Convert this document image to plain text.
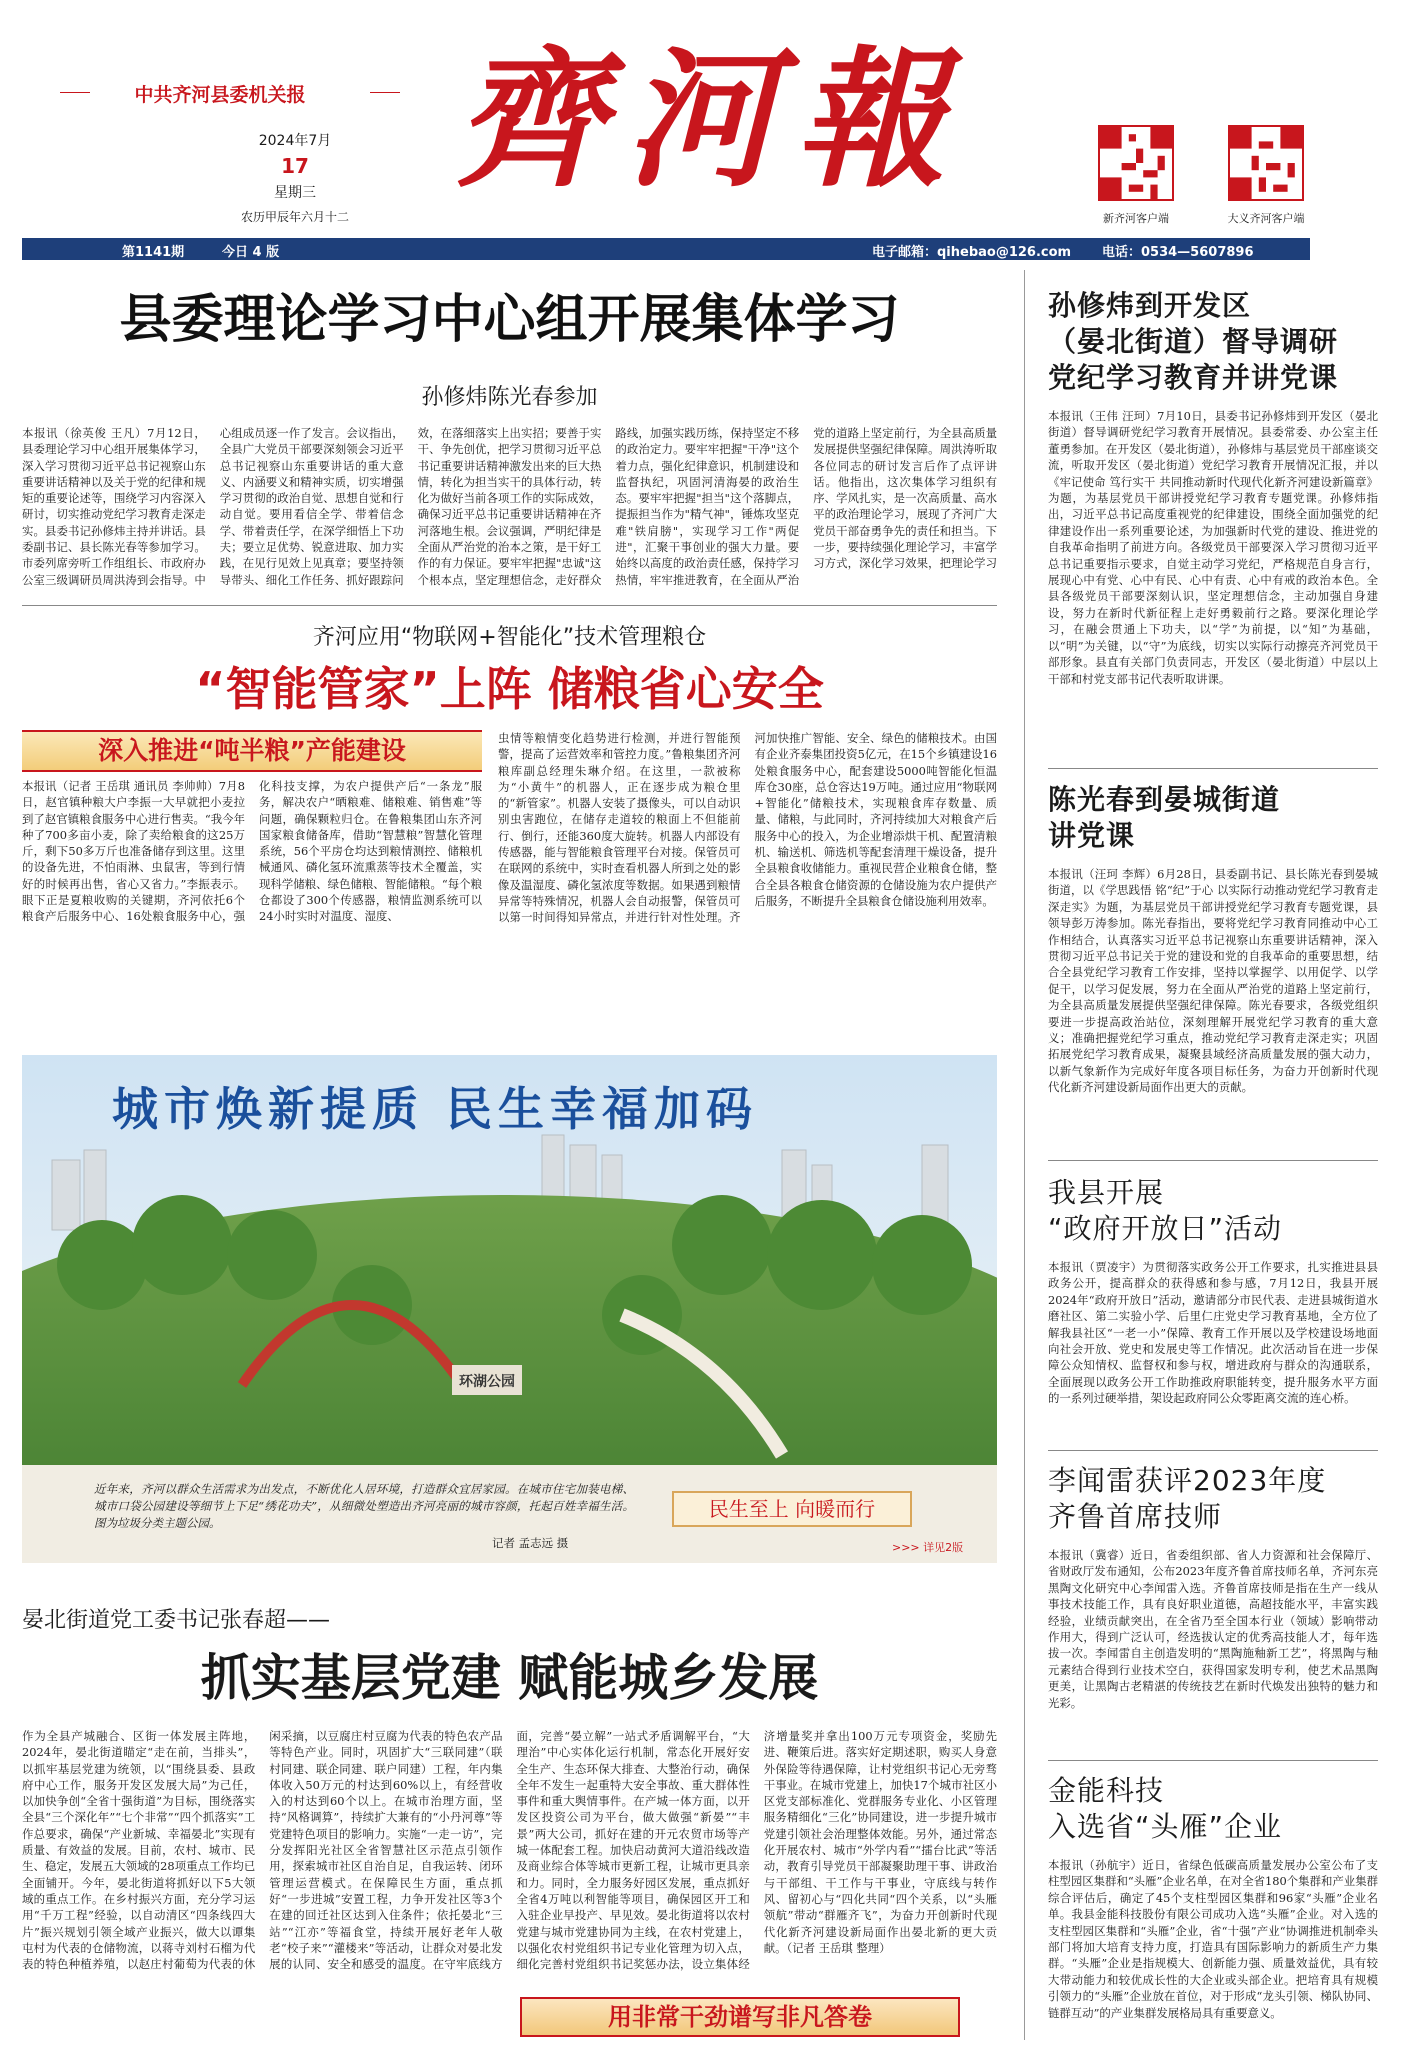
中共齐河县委机关报
2024年7月
17
星期三
农历甲辰年六月十二
齊河報
新齐河客户端	大义齐河客户端
第1141期	今日 4 版	电子邮箱：qihebao@126.com 电话：0534—5607896 2562832
县委理论学习中心组开展集体学习
孙修炜陈光春参加
本报讯（徐英俊 王凡）7月12日，县委理论学习中心组开展集体学习，深入学习贯彻习近平总书记视察山东重要讲话精神以及关于党的纪律和规矩的重要论述等，围绕学习内容深入研讨，切实推动党纪学习教育走深走实。县委书记孙修炜主持并讲话。县委副书记、县长陈光春等参加学习。市委列席旁听工作组组长、市政府办公室三级调研员周洪涛到会指导。中心组成员逐一作了发言。会议指出，全县广大党员干部要深刻领会习近平总书记视察山东重要讲话的重大意义、内涵要义和精神实质，切实增强学习贯彻的政治自觉、思想自觉和行动自觉。要用看信全学、带着信念学、带着责任学，在深学细悟上下功夫；要立足优势、锐意进取、加力实践，在见行见效上见真章；要坚持领导带头、细化工作任务、抓好跟踪问效，在落细落实上出实招；要善于实干、争先创优，把学习贯彻习近平总书记重要讲话精神激发出来的巨大热情，转化为担当实干的具体行动，转化为做好当前各项工作的实际成效，确保习近平总书记重要讲话精神在齐河落地生根。会议强调，严明纪律是全面从严治党的治本之策，是干好工作的有力保证。要牢牢把握"忠诚"这个根本点，坚定理想信念，走好群众路线，加强实践历练，保持坚定不移的政治定力。要牢牢把握"干净"这个着力点，强化纪律意识，机制建设和监督执纪，巩固河清海晏的政治生态。要牢牢把握"担当"这个落脚点，提振担当作为"精气神"，锤炼攻坚克难"铁肩膀"，实现学习工作"两促进"，汇聚干事创业的强大力量。要始终以高度的政治责任感，保持学习热情，牢牢推进教育，在全面从严治党的道路上坚定前行，为全县高质量发展提供坚强纪律保障。周洪涛听取各位同志的研讨发言后作了点评讲话。他指出，这次集体学习组织有序、学风扎实，是一次高质量、高水平的政治理论学习，展现了齐河广大党员干部奋勇争先的责任和担当。下一步，要持续强化理论学习，丰富学习方式，深化学习效果，把理论学习
齐河应用“物联网+智能化”技术管理粮仓
“智能管家”上阵 储粮省心安全
深入推进“吨半粮”产能建设
本报讯（记者 王岳琪 通讯员 李帅帅）7月8日，赵官镇种粮大户李振一大早就把小麦拉到了赵官镇粮食服务中心进行售卖。“我今年种了700多亩小麦，除了卖给粮食的这25万斤，剩下50多万斤也准备储存到这里。这里的设备先进，不怕雨淋、虫鼠害，等到行情好的时候再出售，省心又省力。”李振表示。眼下正是夏粮收购的关键期，齐河依托6个粮食产后服务中心、16处粮食服务中心，强化科技支撑，为农户提供产后“一条龙”服务，解决农户“晒粮难、储粮难、销售难”等问题，确保颗粒归仓。在鲁粮集团山东齐河国家粮食储备库，借助“智慧粮”智慧化管理系统，56个平房仓均达到粮情测控、储粮机械通风、磷化氢环流熏蒸等技术全覆盖，实现科学储粮、绿色储粮、智能储粮。“每个粮仓都设了300个传感器，粮情监测系统可以24小时实时对温度、湿度、
虫情等粮情变化趋势进行检测，并进行智能预警，提高了运营效率和管控力度。”鲁粮集团齐河粮库副总经理朱琳介绍。在这里，一款被称为“小黄牛”的机器人，正在逐步成为粮仓里的“新管家”。机器人安装了摄像头，可以自动识别虫害跑位，在储存走道较的粮面上不但能前行、倒行，还能360度大旋转。机器人内部设有传感器，能与智能粮食管理平台对接。保管员可在联网的系统中，实时查看机器人所到之处的影像及温湿度、磷化氢浓度等数据。如果遇到粮情异常等特殊情况，机器人会自动报警，保管员可以第一时间得知异常点，并进行针对性处理。齐河加快推广智能、安全、绿色的储粮技术。由国有企业齐泰集团投资5亿元，在15个乡镇建设16处粮食服务中心，配套建设5000吨智能化恒温库仓30座，总仓容达19万吨。通过应用“物联网+智能化”储粮技术，实现粮食库存数量、质量、储粮，与此同时，齐河持续加大对粮食产后服务中心的投入，为企业增添烘干机、配置清粮机、输送机、筛选机等配套清理干燥设备，提升全县粮食收储能力。重视民营企业粮食仓储，整合全县各粮食仓储资源的仓储设施为农户提供产后服务，不断提升全县粮食仓储设施利用效率。
环湖公园
城市焕新提质 民生幸福加码
近年来，齐河以群众生活需求为出发点，不断优化人居环境，打造群众宜居家园。在城市住宅加装电梯、城市口袋公园建设等细节上下足“绣花功夫”，从细微处塑造出齐河亮丽的城市容颜，托起百姓幸福生活。图为垃圾分类主题公园。
记者 孟志远 摄
民生至上 向暖而行
>>> 详见2版
晏北街道党工委书记张春超——
抓实基层党建 赋能城乡发展
作为全县产城融合、区街一体发展主阵地，2024年，晏北街道瞄定“走在前，当排头”，以抓牢基层党建为统领，以“围绕县委、县政府中心工作，服务开发区发展大局”为己任，以加快争创“全省十强街道”为目标，围绕落实全县“三个深化年”“七个非常”“四个抓落实”工作总要求，确保“产业新城、幸福晏北”实现有质量、有效益的发展。目前，农村、城市、民生、稳定，发展五大领域的28项重点工作均已全面铺开。今年，晏北街道将抓好以下5大领域的重点工作。在乡村振兴方面，充分学习运用“千万工程”经验，以自动清区“四条线四大片”振兴规划引领全域产业振兴，做大以谭集屯村为代表的仓储物流，以蒋寺刘村石榴为代表的特色种植养殖，以赵庄村葡萄为代表的休闲采摘，以豆腐庄村豆腐为代表的特色农产品等特色产业。同时，巩固扩大“三联同建”（联村同建、联企同建、联户同建）工程，年内集体收入50万元的村达到60%以上，有经营收入的村达到60个以上。在城市治理方面，坚持“风格调算”，持续扩大兼有的“小丹河尊”等党建特色项目的影响力。实施“一走一访”，完分发挥阳光社区全省智慧社区示范点引领作用，探索城市社区自治自足，自我运转、闭环管理运营模式。在保障民生方面，重点抓好“一步进城”安置工程，力争开发社区等3个在建的回迁社区达到入住条件；依托晏北“三站”“江亦”等福食堂，持续开展好老年人敬老“校子来”“灌楼来”等活动，让群众对晏北发展的认同、安全和感受的温度。在守牢底线方面，完善“晏立解”一站式矛盾调解平台，“大理治”中心实体化运行机制，常态化开展好安全生产、生态环保大排查、大整治行动，确保全年不发生一起重特大安全事故、重大群体性事件和重大舆情事件。在产城一体方面，以开发区投资公司为平台，做大做强“新晏”“丰景”两大公司，抓好在建的开元农贸市场等产城一体配套工程。加快启动黄河大道沿线改造及商业综合体等城市更新工程，让城市更具亲和力。同时，全力服务好园区发展，重点抓好全省4万吨以利智能等项目，确保园区开工和入驻企业早投产、早见效。晏北街道将以农村党建与城市党建协同为主线，在农村党建上，以强化农村党组织书记专业化管理为切入点，细化完善村党组织书记奖惩办法，设立集体经济增量奖并拿出100万元专项资金，奖励先进、鞭策后进。落实好定期述职，购买人身意外保险等待遇保障，让村党组织书记心无旁骛干事业。在城市党建上，加快17个城市社区小区党支部标准化、党群服务专业化、小区管理服务精细化“三化”协同建设，进一步提升城市党建引领社会治理整体效能。另外，通过常态化开展农村、城市“外学内看”“擂台比武”等活动，教育引导党员干部凝聚助理干事、讲政治与干部组、干工作与干事业，守底线与转作风、留初心与“四化共同“四个关系，以“头雁领航”带动“群雁齐飞”，为奋力开创新时代现代化新齐河建设新局面作出晏北新的更大贡献。（记者 王岳琪 整理）
用非常干劲谱写非凡答卷
孙修炜到开发区
（晏北街道）督导调研
党纪学习教育并讲党课
本报讯（王伟 汪珂）7月10日，县委书记孙修炜到开发区（晏北街道）督导调研党纪学习教育开展情况。县委常委、办公室主任董勇参加。在开发区（晏北街道），孙修炜与基层党员干部座谈交流，听取开发区（晏北街道）党纪学习教育开展情况汇报，并以《牢记使命 笃行实干 共同推动新时代现代化新齐河建设新篇章》为题，为基层党员干部讲授党纪学习教育专题党课。孙修炜指出，习近平总书记高度重视党的纪律建设，围绕全面加强党的纪律建设作出一系列重要论述，为加强新时代党的建设、推进党的自我革命指明了前进方向。各级党员干部要深入学习贯彻习近平总书记重要指示要求，自觉主动学习党纪，严格规范自身言行，展现心中有党、心中有民、心中有责、心中有戒的政治本色。全县各级党员干部要深刻认识，坚定理想信念，主动加强自身建设，努力在新时代新征程上走好勇毅前行之路。要深化理论学习，在融会贯通上下功夫，以“学”为前提，以“知”为基础，以“明”为关键，以“守”为底线，切实以实际行动擦亮齐河党员干部形象。县直有关部门负责同志，开发区（晏北街道）中层以上干部和村党支部书记代表听取讲课。
陈光春到晏城街道
讲党课
本报讯（汪珂 李辉）6月28日，县委副书记、县长陈光春到晏城街道，以《学思践悟 铭“纪”于心 以实际行动推动党纪学习教育走深走实》为题，为基层党员干部讲授党纪学习教育专题党课，县领导彭万涛参加。陈光春指出，要将党纪学习教育同推动中心工作相结合，认真落实习近平总书记视察山东重要讲话精神，深入贯彻习近平总书记关于党的建设和党的自我革命的重要思想，结合全县党纪学习教育工作安排，坚持以掌握学、以用促学、以学促干，以学习促发展，努力在全面从严治党的道路上坚定前行，为全县高质量发展提供坚强纪律保障。陈光春要求，各级党组织要进一步提高政治站位，深刻理解开展党纪学习教育的重大意义；准确把握党纪学习重点，推动党纪学习教育走深走实；巩固拓展党纪学习教育成果，凝聚县域经济高质量发展的强大动力，以新气象新作为完成好年度各项目标任务，为奋力开创新时代现代化新齐河建设新局面作出更大的贡献。
我县开展
“政府开放日”活动
本报讯（贾凌宇）为贯彻落实政务公开工作要求，扎实推进县县政务公开，提高群众的获得感和参与感，7月12日，我县开展2024年“政府开放日”活动，邀请部分市民代表、走进县城街道水磨社区、第二实验小学、后里仁庄党史学习教育基地，全方位了解我县社区“一老一小”保障、教育工作开展以及学校建设场地面向社会开放、党史和发展史等工作情况。此次活动旨在进一步保障公众知情权、监督权和参与权，增进政府与群众的沟通联系，全面展现以政务公开工作助推政府职能转变，提升服务水平方面的一系列过硬举措，架设起政府同公众零距离交流的连心桥。
李闻雷获评2023年度
齐鲁首席技师
本报讯（冀睿）近日，省委组织部、省人力资源和社会保障厅、省财政厅发布通知，公布2023年度齐鲁首席技师名单，齐河东亮黑陶文化研究中心李闻雷入选。齐鲁首席技师是指在生产一线从事技术技能工作，具有良好职业道德，高超技能水平，丰富实践经验，业绩贡献突出，在全省乃至全国本行业（领域）影响带动作用大，得到广泛认可，经选拔认定的优秀高技能人才，每年选拔一次。李闻雷自主创造发明的“黑陶施釉新工艺”，将黑陶与釉元素结合得到行业技术空白，获得国家发明专利，使艺术品黑陶更美，让黑陶古老精湛的传统技艺在新时代焕发出独特的魅力和光彩。
金能科技
入选省“头雁”企业
本报讯（孙航宇）近日，省绿色低碳高质量发展办公室公布了支柱型园区集群和“头雁”企业名单，在对全省180个集群和产业集群综合评估后，确定了45个支柱型园区集群和96家“头雁”企业名单。我县金能科技股份有限公司成功入选“头雁”企业。对入选的支柱型园区集群和“头雁”企业，省“十强”产业“协调推进机制牵头部门将加大培育支持力度，打造具有国际影响力的新质生产力集群。“头雁”企业是指规模大、创新能力强、质量效益优，具有较大带动能力和较优成长性的大企业或头部企业。把培育具有规模引领力的“头雁”企业放在首位，对于形成“龙头引领、梯队协同、链群互动”的产业集群发展格局具有重要意义。
